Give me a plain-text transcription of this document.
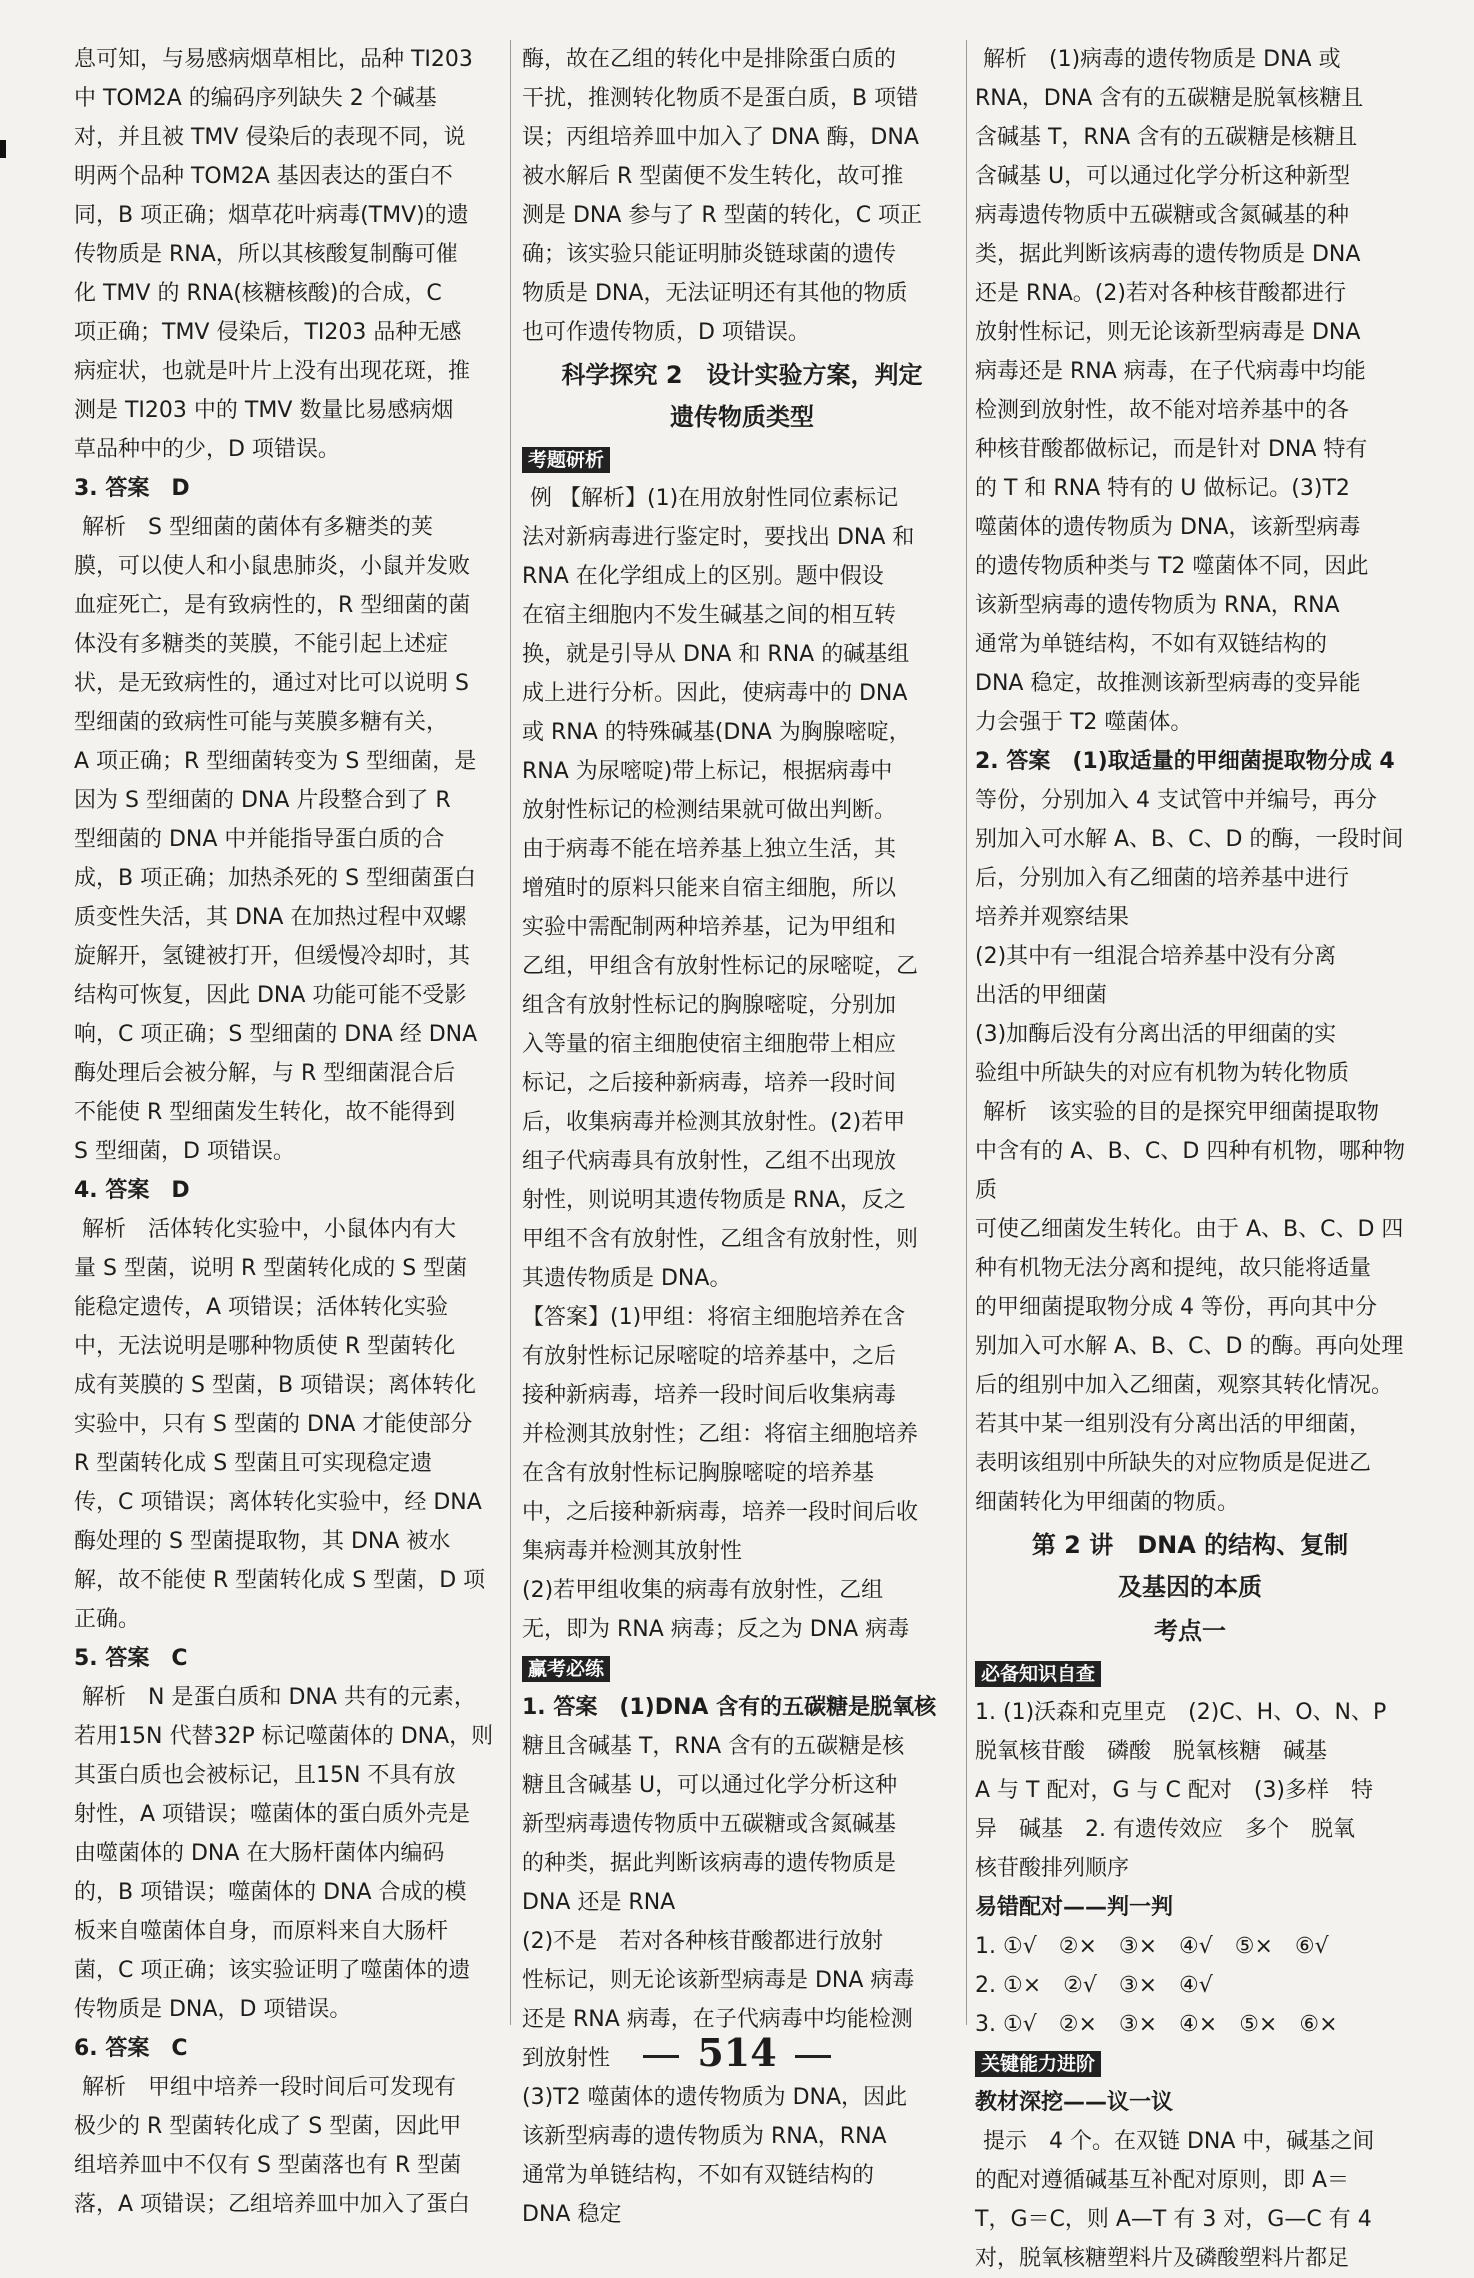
息可知，与易感病烟草相比，品种 TI203
中 TOM2A 的编码序列缺失 2 个碱基
对，并且被 TMV 侵染后的表现不同，说
明两个品种 TOM2A 基因表达的蛋白不
同，B 项正确；烟草花叶病毒(TMV)的遗
传物质是 RNA，所以其核酸复制酶可催
化 TMV 的 RNA(核糖核酸)的合成，C
项正确；TMV 侵染后，TI203 品种无感
病症状，也就是叶片上没有出现花斑，推
测是 TI203 中的 TMV 数量比易感病烟
草品种中的少，D 项错误。
3. 答案　D
解析　S 型细菌的菌体有多糖类的荚
膜，可以使人和小鼠患肺炎，小鼠并发败
血症死亡，是有致病性的，R 型细菌的菌
体没有多糖类的荚膜，不能引起上述症
状，是无致病性的，通过对比可以说明 S
型细菌的致病性可能与荚膜多糖有关，
A 项正确；R 型细菌转变为 S 型细菌，是
因为 S 型细菌的 DNA 片段整合到了 R
型细菌的 DNA 中并能指导蛋白质的合
成，B 项正确；加热杀死的 S 型细菌蛋白
质变性失活，其 DNA 在加热过程中双螺
旋解开，氢键被打开，但缓慢冷却时，其
结构可恢复，因此 DNA 功能可能不受影
响，C 项正确；S 型细菌的 DNA 经 DNA
酶处理后会被分解，与 R 型细菌混合后
不能使 R 型细菌发生转化，故不能得到
S 型细菌，D 项错误。
4. 答案　D
解析　活体转化实验中，小鼠体内有大
量 S 型菌，说明 R 型菌转化成的 S 型菌
能稳定遗传，A 项错误；活体转化实验
中，无法说明是哪种物质使 R 型菌转化
成有荚膜的 S 型菌，B 项错误；离体转化
实验中，只有 S 型菌的 DNA 才能使部分
R 型菌转化成 S 型菌且可实现稳定遗
传，C 项错误；离体转化实验中，经 DNA
酶处理的 S 型菌提取物，其 DNA 被水
解，故不能使 R 型菌转化成 S 型菌，D 项
正确。
5. 答案　C
解析　N 是蛋白质和 DNA 共有的元素，
若用15N 代替32P 标记噬菌体的 DNA，则
其蛋白质也会被标记，且15N 不具有放
射性，A 项错误；噬菌体的蛋白质外壳是
由噬菌体的 DNA 在大肠杆菌体内编码
的，B 项错误；噬菌体的 DNA 合成的模
板来自噬菌体自身，而原料来自大肠杆
菌，C 项正确；该实验证明了噬菌体的遗
传物质是 DNA，D 项错误。
6. 答案　C
解析　甲组中培养一段时间后可发现有
极少的 R 型菌转化成了 S 型菌，因此甲
组培养皿中不仅有 S 型菌落也有 R 型菌
落，A 项错误；乙组培养皿中加入了蛋白
酶，故在乙组的转化中是排除蛋白质的
干扰，推测转化物质不是蛋白质，B 项错
误；丙组培养皿中加入了 DNA 酶，DNA
被水解后 R 型菌便不发生转化，故可推
测是 DNA 参与了 R 型菌的转化，C 项正
确；该实验只能证明肺炎链球菌的遗传
物质是 DNA，无法证明还有其他的物质
也可作遗传物质，D 项错误。
科学探究 2　设计实验方案，判定
遗传物质类型
考题研析
例 【解析】(1)在用放射性同位素标记
法对新病毒进行鉴定时，要找出 DNA 和
RNA 在化学组成上的区别。题中假设
在宿主细胞内不发生碱基之间的相互转
换，就是引导从 DNA 和 RNA 的碱基组
成上进行分析。因此，使病毒中的 DNA
或 RNA 的特殊碱基(DNA 为胸腺嘧啶，
RNA 为尿嘧啶)带上标记，根据病毒中
放射性标记的检测结果就可做出判断。
由于病毒不能在培养基上独立生活，其
增殖时的原料只能来自宿主细胞，所以
实验中需配制两种培养基，记为甲组和
乙组，甲组含有放射性标记的尿嘧啶，乙
组含有放射性标记的胸腺嘧啶，分别加
入等量的宿主细胞使宿主细胞带上相应
标记，之后接种新病毒，培养一段时间
后，收集病毒并检测其放射性。(2)若甲
组子代病毒具有放射性，乙组不出现放
射性，则说明其遗传物质是 RNA，反之
甲组不含有放射性，乙组含有放射性，则
其遗传物质是 DNA。
【答案】(1)甲组：将宿主细胞培养在含
有放射性标记尿嘧啶的培养基中，之后
接种新病毒，培养一段时间后收集病毒
并检测其放射性；乙组：将宿主细胞培养
在含有放射性标记胸腺嘧啶的培养基
中，之后接种新病毒，培养一段时间后收
集病毒并检测其放射性
(2)若甲组收集的病毒有放射性，乙组
无，即为 RNA 病毒；反之为 DNA 病毒
赢考必练
1. 答案　(1)DNA 含有的五碳糖是脱氧核
糖且含碱基 T，RNA 含有的五碳糖是核
糖且含碱基 U，可以通过化学分析这种
新型病毒遗传物质中五碳糖或含氮碱基
的种类，据此判断该病毒的遗传物质是
DNA 还是 RNA
(2)不是　若对各种核苷酸都进行放射
性标记，则无论该新型病毒是 DNA 病毒
还是 RNA 病毒，在子代病毒中均能检测
到放射性
(3)T2 噬菌体的遗传物质为 DNA，因此
该新型病毒的遗传物质为 RNA，RNA
通常为单链结构，不如有双链结构的
DNA 稳定
解析　(1)病毒的遗传物质是 DNA 或
RNA，DNA 含有的五碳糖是脱氧核糖且
含碱基 T，RNA 含有的五碳糖是核糖且
含碱基 U，可以通过化学分析这种新型
病毒遗传物质中五碳糖或含氮碱基的种
类，据此判断该病毒的遗传物质是 DNA
还是 RNA。(2)若对各种核苷酸都进行
放射性标记，则无论该新型病毒是 DNA
病毒还是 RNA 病毒，在子代病毒中均能
检测到放射性，故不能对培养基中的各
种核苷酸都做标记，而是针对 DNA 特有
的 T 和 RNA 特有的 U 做标记。(3)T2
噬菌体的遗传物质为 DNA，该新型病毒
的遗传物质种类与 T2 噬菌体不同，因此
该新型病毒的遗传物质为 RNA，RNA
通常为单链结构，不如有双链结构的
DNA 稳定，故推测该新型病毒的变异能
力会强于 T2 噬菌体。
2. 答案　(1)取适量的甲细菌提取物分成 4
等份，分别加入 4 支试管中并编号，再分
别加入可水解 A、B、C、D 的酶，一段时间
后，分别加入有乙细菌的培养基中进行
培养并观察结果
(2)其中有一组混合培养基中没有分离
出活的甲细菌
(3)加酶后没有分离出活的甲细菌的实
验组中所缺失的对应有机物为转化物质
解析　该实验的目的是探究甲细菌提取物
中含有的 A、B、C、D 四种有机物，哪种物质
可使乙细菌发生转化。由于 A、B、C、D 四
种有机物无法分离和提纯，故只能将适量
的甲细菌提取物分成 4 等份，再向其中分
别加入可水解 A、B、C、D 的酶。再向处理
后的组别中加入乙细菌，观察其转化情况。
若其中某一组别没有分离出活的甲细菌，
表明该组别中所缺失的对应物质是促进乙
细菌转化为甲细菌的物质。
第 2 讲　DNA 的结构、复制
及基因的本质
考点一
必备知识自查
1. (1)沃森和克里克　(2)C、H、O、N、P
脱氧核苷酸　磷酸　脱氧核糖　碱基
A 与 T 配对，G 与 C 配对　(3)多样　特
异　碱基　2. 有遗传效应　多个　脱氧
核苷酸排列顺序
易错配对——判一判
1. ①√　②×　③×　④√　⑤×　⑥√
2. ①×　②√　③×　④√
3. ①√　②×　③×　④×　⑤×　⑥×
关键能力进阶
教材深挖——议一议
提示　4 个。在双链 DNA 中，碱基之间
的配对遵循碱基互补配对原则，即 A＝
T，G＝C，则 A—T 有 3 对，G—C 有 4
对，脱氧核糖塑料片及磷酸塑料片都足
514
